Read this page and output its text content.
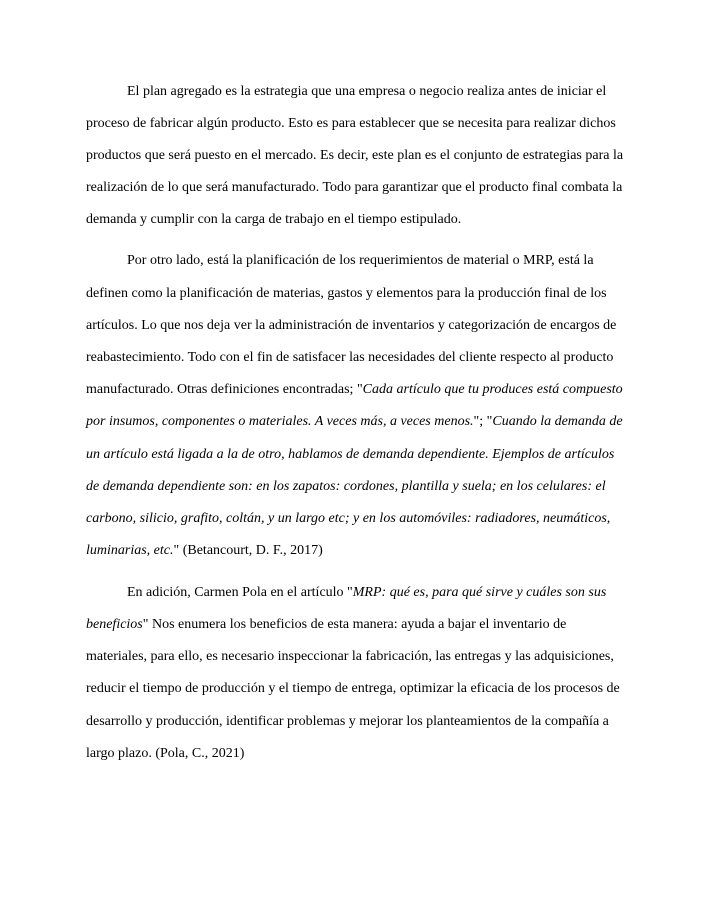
El plan agregado es la estrategia que una empresa o negocio realiza antes de iniciar el
proceso de fabricar algún producto. Esto es para establecer que se necesita para realizar dichos
productos que será puesto en el mercado. Es decir, este plan es el conjunto de estrategias para la
realización de lo que será manufacturado. Todo para garantizar que el producto final combata la
demanda y cumplir con la carga de trabajo en el tiempo estipulado.
Por otro lado, está la planificación de los requerimientos de material o MRP, está la
definen como la planificación de materias, gastos y elementos para la producción final de los
artículos. Lo que nos deja ver la administración de inventarios y categorización de encargos de
reabastecimiento. Todo con el fin de satisfacer las necesidades del cliente respecto al producto
manufacturado. Otras definiciones encontradas; "Cada artículo que tu produces está compuesto
por insumos, componentes o materiales. A veces más, a veces menos."; "Cuando la demanda de
un artículo está ligada a la de otro, hablamos de demanda dependiente. Ejemplos de artículos
de demanda dependiente son: en los zapatos: cordones, plantilla y suela; en los celulares: el
carbono, silicio, grafito, coltán, y un largo etc; y en los automóviles: radiadores, neumáticos,
luminarias, etc." (Betancourt, D. F., 2017)
En adición, Carmen Pola en el artículo "MRP: qué es, para qué sirve y cuáles son sus
beneficios" Nos enumera los beneficios de esta manera: ayuda a bajar el inventario de
materiales, para ello, es necesario inspeccionar la fabricación, las entregas y las adquisiciones,
reducir el tiempo de producción y el tiempo de entrega, optimizar la eficacia de los procesos de
desarrollo y producción, identificar problemas y mejorar los planteamientos de la compañía a
largo plazo. (Pola, C., 2021)
